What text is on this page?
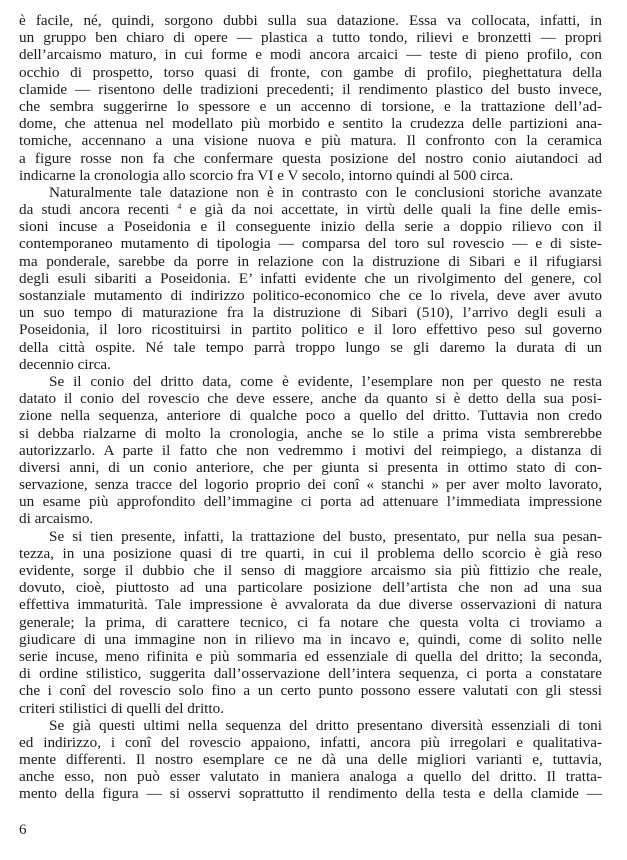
è facile, né, quindi, sorgono dubbi sulla sua datazione. Essa va collocata, infatti, in
un gruppo ben chiaro di opere — plastica a tutto tondo, rilievi e bronzetti — propri
dell’arcaismo maturo, in cui forme e modi ancora arcaici — teste di pieno profilo, con
occhio di prospetto, torso quasi di fronte, con gambe di profilo, pieghettatura della
clamide — risentono delle tradizioni precedenti; il rendimento plastico del busto invece,
che sembra suggerirne lo spessore e un accenno di torsione, e la trattazione dell’ad-
dome, che attenua nel modellato più morbido e sentito la crudezza delle partizioni ana-
tomiche, accennano a una visione nuova e più matura. Il confronto con la ceramica
a figure rosse non fa che confermare questa posizione del nostro conio aiutandoci ad
indicarne la cronologia allo scorcio fra VI e V secolo, intorno quindi al 500 circa.
Naturalmente tale datazione non è in contrasto con le conclusioni storiche avanzate
da studi ancora recenti $^4$ e già da noi accettate, in virtù delle quali la fine delle emis-
sioni incuse a Poseidonia e il conseguente inizio della serie a doppio rilievo con il
contemporaneo mutamento di tipologia — comparsa del toro sul rovescio — e di siste-
ma ponderale, sarebbe da porre in relazione con la distruzione di Sibari e il rifugiarsi
degli esuli sibariti a Poseidonia. E’ infatti evidente che un rivolgimento del genere, col
sostanziale mutamento di indirizzo politico-economico che ce lo rivela, deve aver avuto
un suo tempo di maturazione fra la distruzione di Sibari (510), l’arrivo degli esuli a
Poseidonia, il loro ricostituirsi in partito politico e il loro effettivo peso sul governo
della città ospite. Né tale tempo parrà troppo lungo se gli daremo la durata di un
decennio circa.
Se il conio del dritto data, come è evidente, l’esemplare non per questo ne resta
datato il conio del rovescio che deve essere, anche da quanto si è detto della sua posi-
zione nella sequenza, anteriore di qualche poco a quello del dritto. Tuttavia non credo
si debba rialzarne di molto la cronologia, anche se lo stile a prima vista sembrerebbe
autorizzarlo. A parte il fatto che non vedremmo i motivi del reimpiego, a distanza di
diversi anni, di un conio anteriore, che per giunta si presenta in ottimo stato di con-
servazione, senza tracce del logorio proprio dei conî « stanchi » per aver molto lavorato,
un esame più approfondito dell’immagine ci porta ad attenuare l’immediata impressione
di arcaismo.
Se si tien presente, infatti, la trattazione del busto, presentato, pur nella sua pesan-
tezza, in una posizione quasi di tre quarti, in cui il problema dello scorcio è già reso
evidente, sorge il dubbio che il senso di maggiore arcaismo sia più fittizio che reale,
dovuto, cioè, piuttosto ad una particolare posizione dell’artista che non ad una sua
effettiva immaturità. Tale impressione è avvalorata da due diverse osservazioni di natura
generale; la prima, di carattere tecnico, ci fa notare che questa volta ci troviamo a
giudicare di una immagine non in rilievo ma in incavo e, quindi, come di solito nelle
serie incuse, meno rifinita e più sommaria ed essenziale di quella del dritto; la seconda,
di ordine stilistico, suggerita dall’osservazione dell’intera sequenza, ci porta a constatare
che i conî del rovescio solo fino a un certo punto possono essere valutati con gli stessi
criteri stilistici di quelli del dritto.
Se già questi ultimi nella sequenza del dritto presentano diversità essenziali di toni
ed indirizzo, i conî del rovescio appaiono, infatti, ancora più irregolari e qualitativa-
mente differenti. Il nostro esemplare ce ne dà una delle migliori varianti e, tuttavia,
anche esso, non può esser valutato in maniera analoga a quello del dritto. Il tratta-
mento della figura — si osservi soprattutto il rendimento della testa e della clamide —
6
